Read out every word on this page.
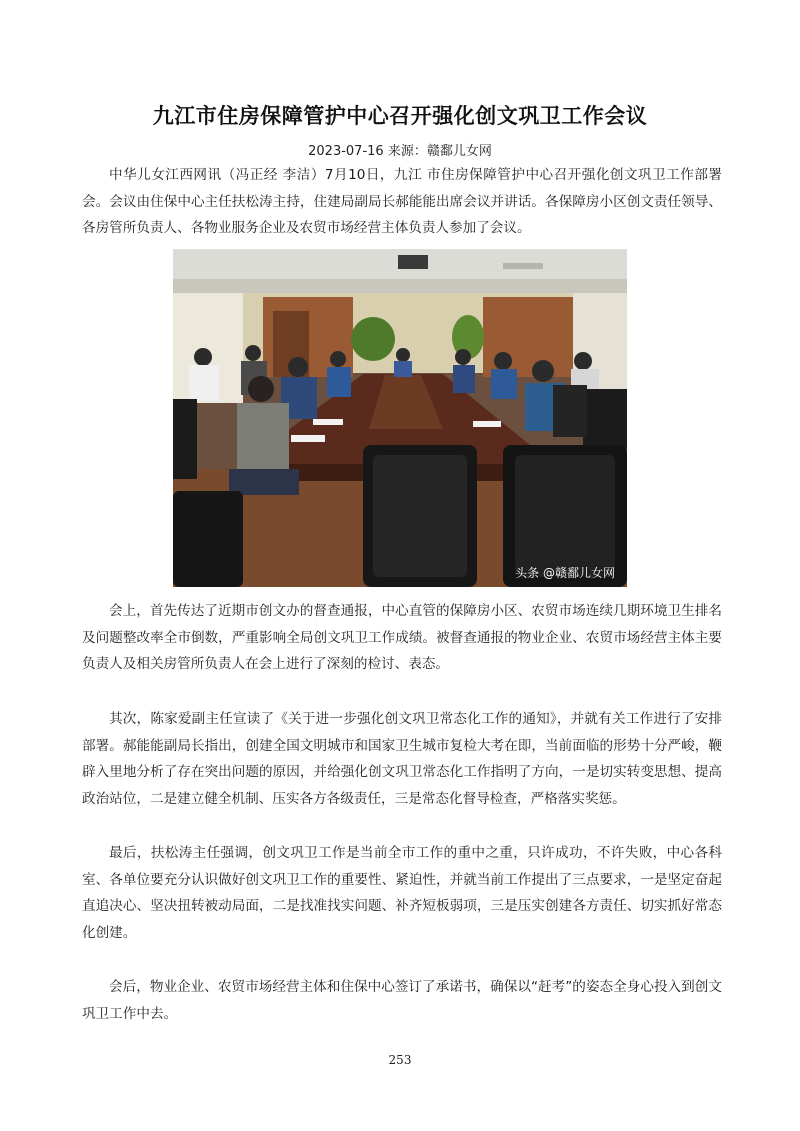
九江市住房保障管护中心召开强化创文巩卫工作会议
2023-07-16 来源：赣鄱儿女网

中华儿女江西网讯（冯正经 李洁）7月10日，九江 市住房保障管护中心召开强化创文巩卫工作部署会。会议由住保中心主任扶松涛主持，住建局副局长郝能能出席会议并讲话。各保障房小区创文责任领导、各房管所负责人、各物业服务企业及农贸市场经营主体负责人参加了会议。

头条 @赣鄱儿女网

会上，首先传达了近期市创文办的督查通报，中心直管的保障房小区、农贸市场连续几期环境卫生排名及问题整改率全市倒数，严重影响全局创文巩卫工作成绩。被督查通报的物业企业、农贸市场经营主体主要负责人及相关房管所负责人在会上进行了深刻的检讨、表态。

其次，陈家爱副主任宣读了《关于进一步强化创文巩卫常态化工作的通知》，并就有关工作进行了安排部署。郝能能副局长指出，创建全国文明城市和国家卫生城市复检大考在即，当前面临的形势十分严峻，鞭辟入里地分析了存在突出问题的原因，并给强化创文巩卫常态化工作指明了方向，一是切实转变思想、提高政治站位，二是建立健全机制、压实各方各级责任，三是常态化督导检查，严格落实奖惩。

最后，扶松涛主任强调，创文巩卫工作是当前全市工作的重中之重，只许成功，不许失败，中心各科室、各单位要充分认识做好创文巩卫工作的重要性、紧迫性，并就当前工作提出了三点要求，一是坚定奋起直追决心、坚决扭转被动局面，二是找准找实问题、补齐短板弱项，三是压实创建各方责任、切实抓好常态化创建。

会后，物业企业、农贸市场经营主体和住保中心签订了承诺书，确保以“赶考”的姿态全身心投入到创文巩卫工作中去。

253
